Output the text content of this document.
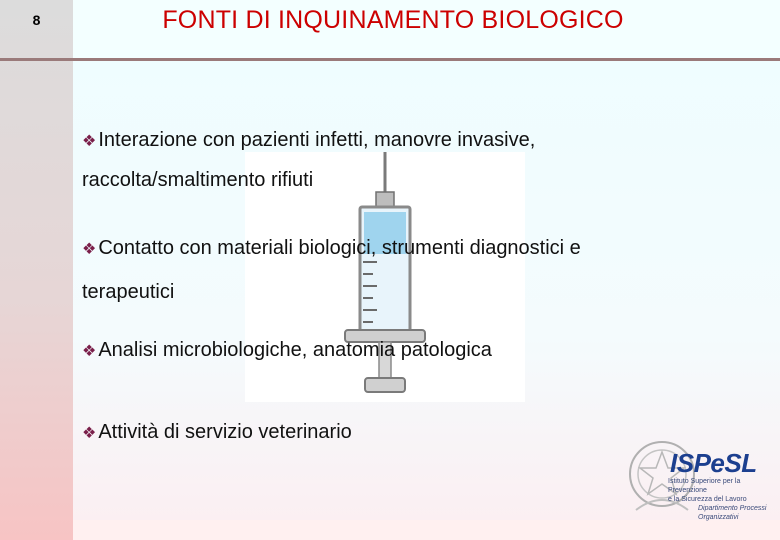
8	FONTI DI INQUINAMENTO BIOLOGICO
❖ Interazione con pazienti infetti, manovre invasive,
raccolta/smaltimento rifiuti
❖ Contatto con materiali biologici, strumenti diagnostici e
terapeutici
❖ Analisi microbiologiche, anatomia patologica
❖ Attività di servizio veterinario
ISPeSL
Istituto Superiore per la Prevenzione
e la Sicurezza del Lavoro
Dipartimento Processi Organizzativi
